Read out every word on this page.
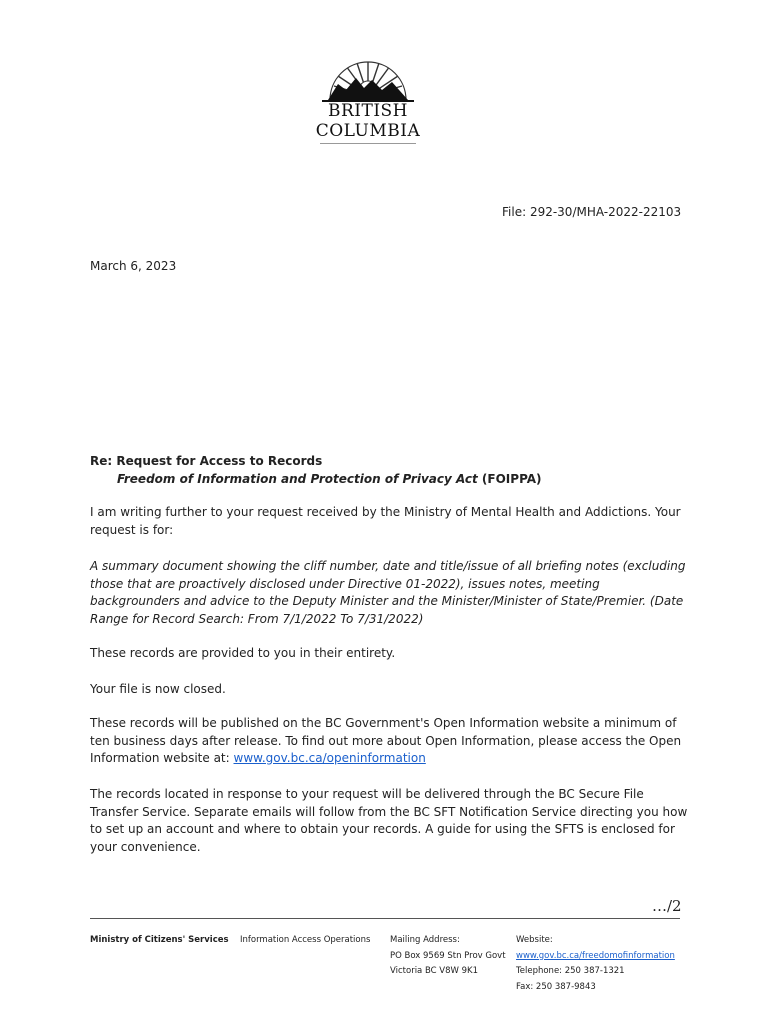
BRITISH
COLUMBIA
File: 292-30/MHA-2022-22103
March 6, 2023
Re: Request for Access to Records
Freedom of Information and Protection of Privacy Act (FOIPPA)
I am writing further to your request received by the Ministry of Mental Health and Addictions. Your request is for:
A summary document showing the cliff number, date and title/issue of all briefing notes (excluding those that are proactively disclosed under Directive 01-2022), issues notes, meeting backgrounders and advice to the Deputy Minister and the Minister/Minister of State/Premier. (Date Range for Record Search: From 7/1/2022 To 7/31/2022)
These records are provided to you in their entirety.
Your file is now closed.
These records will be published on the BC Government's Open Information website a minimum of ten business days after release. To find out more about Open Information, please access the Open Information website at: www.gov.bc.ca/openinformation
The records located in response to your request will be delivered through the BC Secure File Transfer Service. Separate emails will follow from the BC SFT Notification Service directing you how to set up an account and where to obtain your records. A guide for using the SFTS is enclosed for your convenience.
…/2
Ministry of Citizens' Services Information Access Operations Mailing Address:
PO Box 9569 Stn Prov Govt
Victoria BC V8W 9K1
Website:
www.gov.bc.ca/freedomofinformation
Telephone: 250 387-1321
Fax: 250 387-9843
